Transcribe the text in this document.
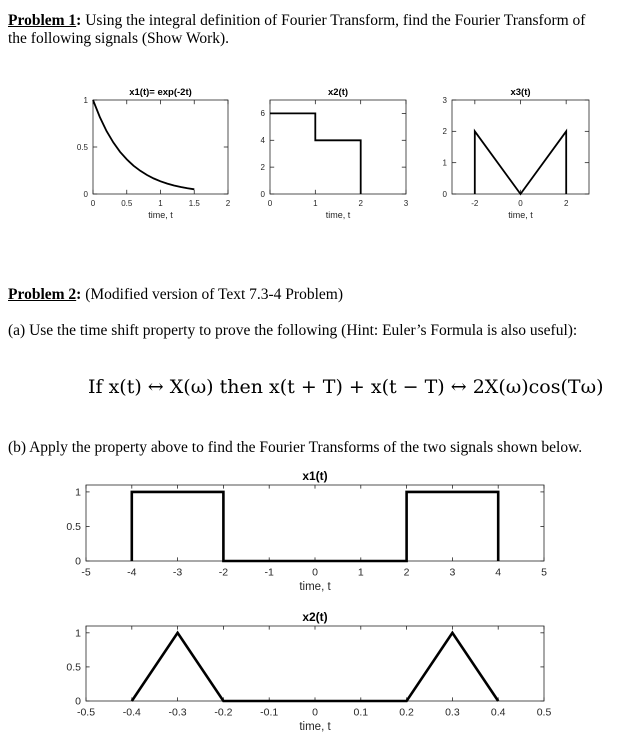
Problem 1: Using the integral definition of Fourier Transform, find the Fourier Transform of
the following signals (Show Work).
Problem 2: (Modified version of Text 7.3-4 Problem)
(a) Use the time shift property to prove the following (Hint: Euler’s Formula is also useful):
If x(t) ↔ X(ω) then x(t + T) + x(t − T) ↔ 2X(ω)cos(Tω)
(b) Apply the property above to find the Fourier Transforms of the two signals shown below.
0	0.5	1	1.5	2
0
0.5
1
x1(t)= exp(-2t)
time, t
0	1	2	3
0
2
4
6
x2(t)
time, t
-2	0	2
0
1
2
3
x3(t)
time, t
-5	-4	-3	-2	-1	0	1	2	3	4	5
0
0.5
1
x1(t)
time, t
-0.5	-0.4	-0.3	-0.2	-0.1	0	0.1	0.2	0.3	0.4	0.5
0
0.5
1
x2(t)
time, t
